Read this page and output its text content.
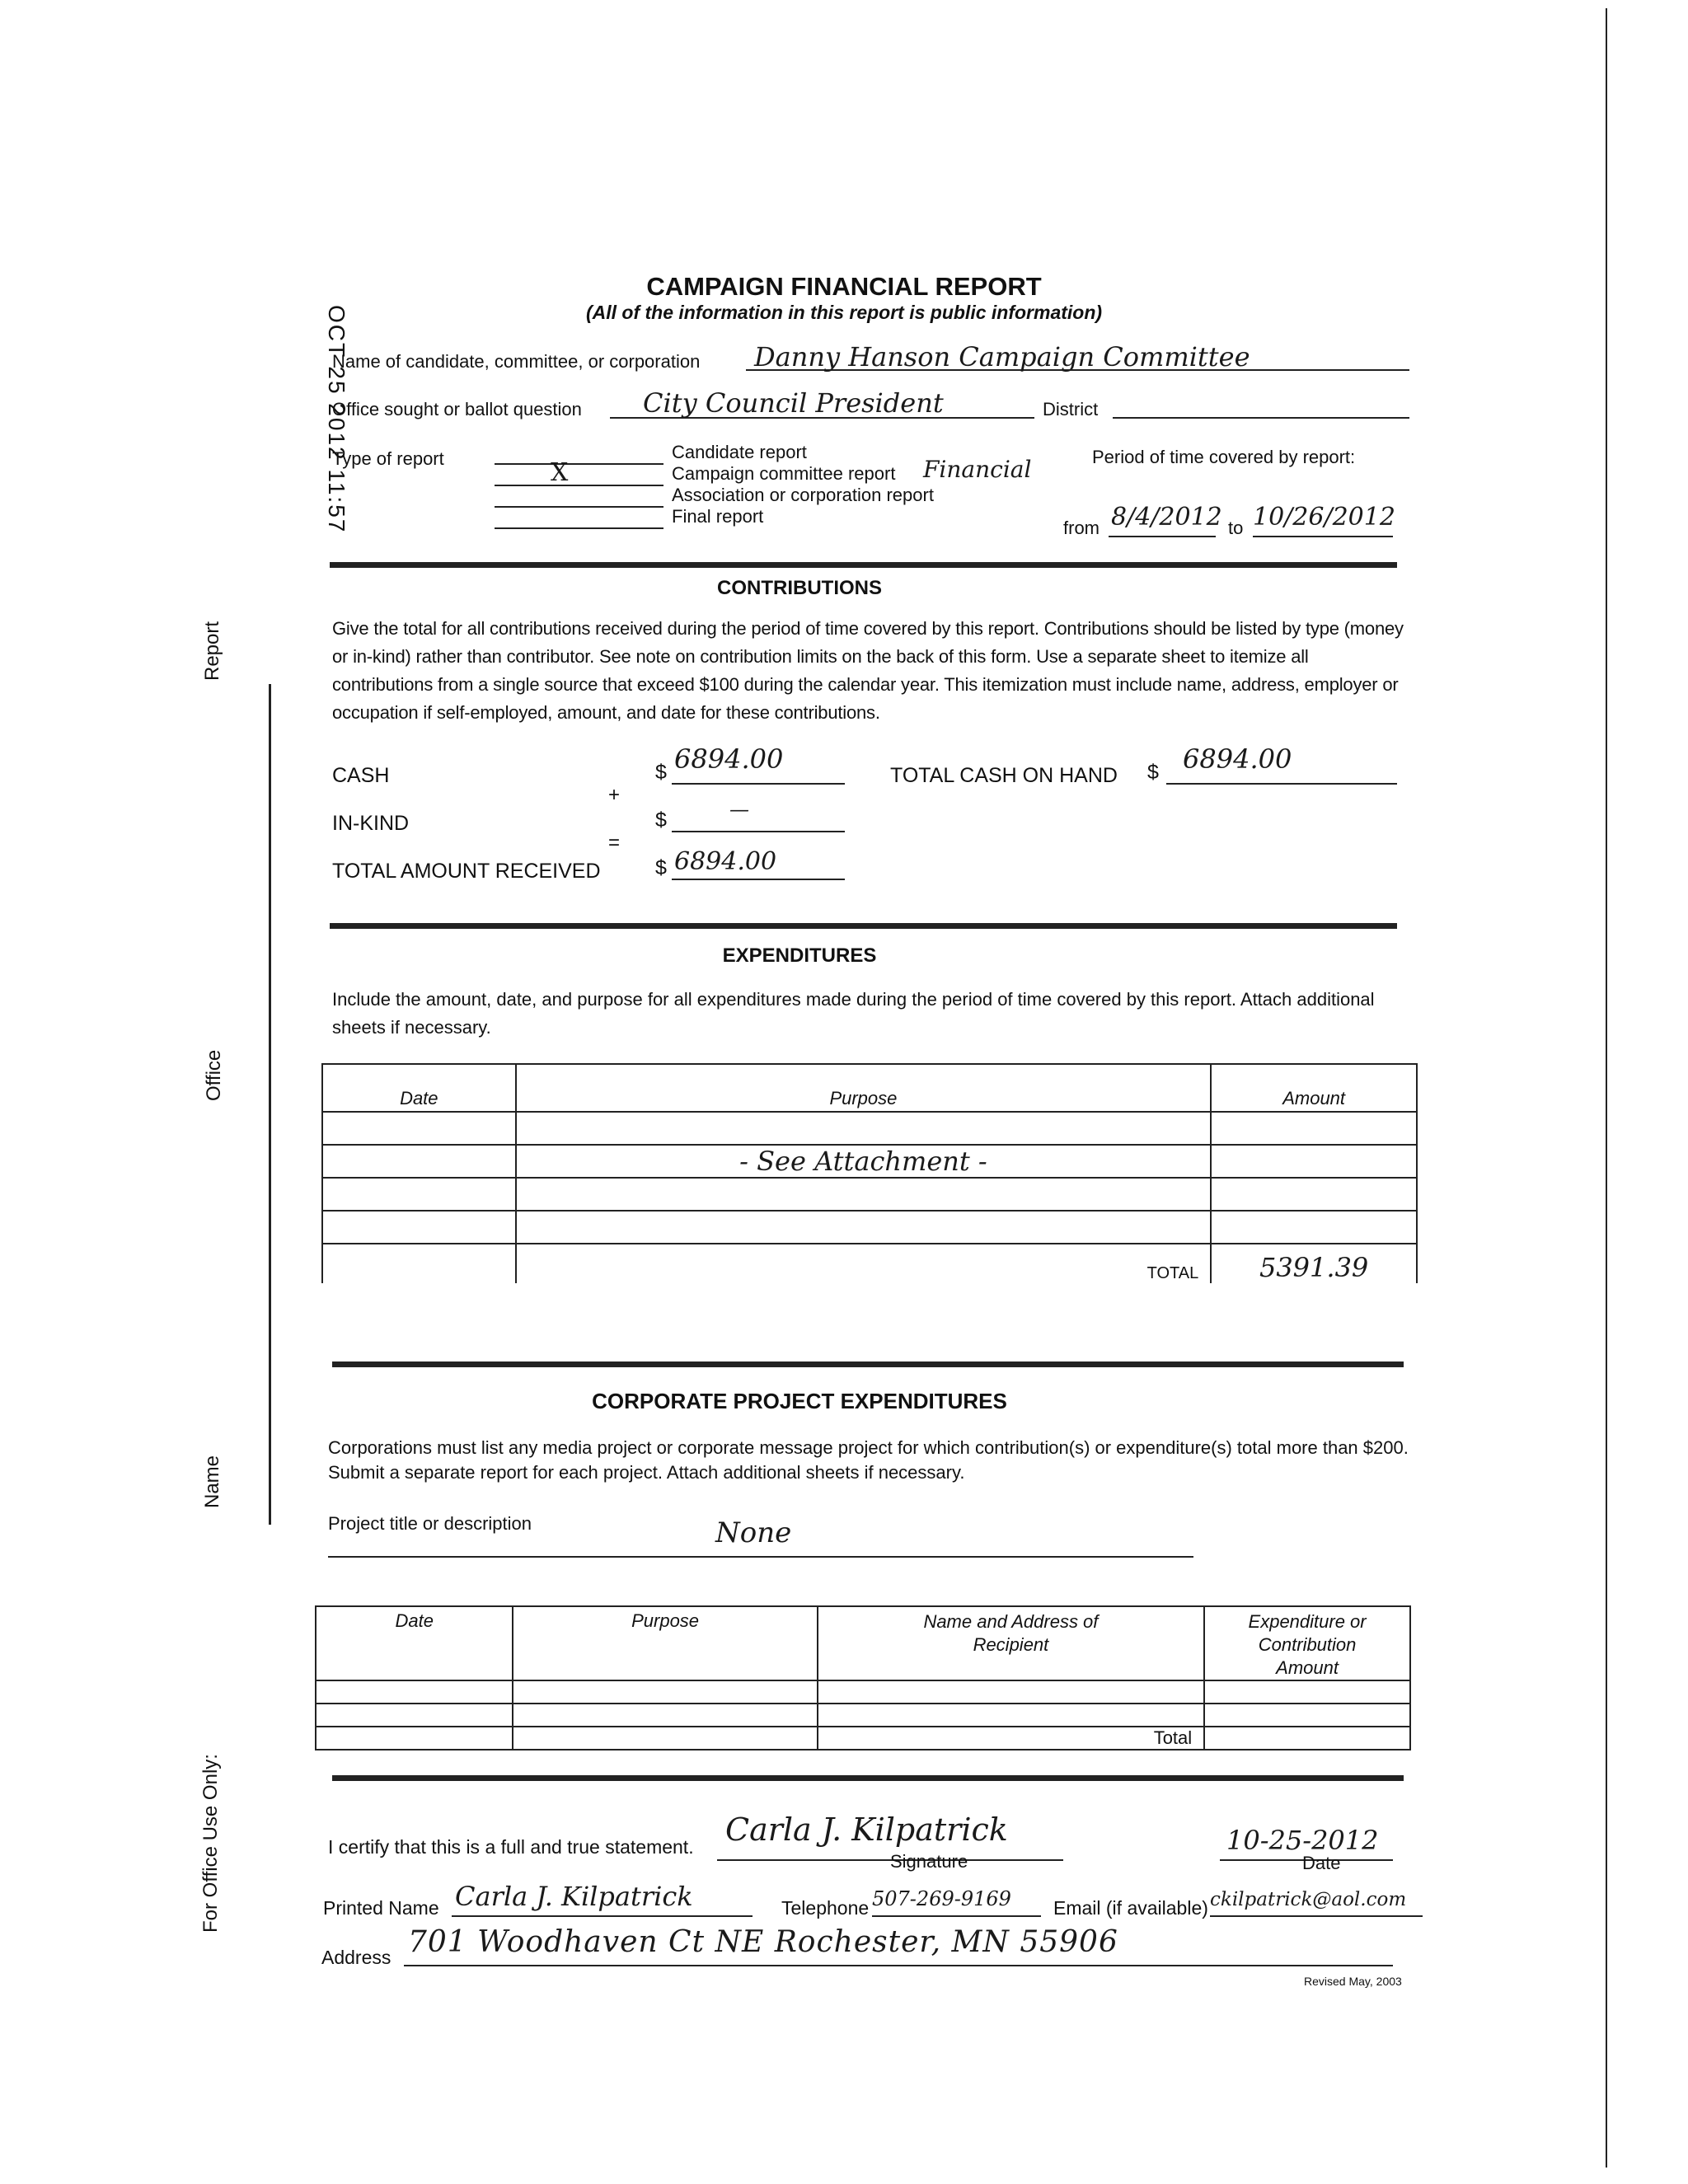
Report
Office
Name
For Office Use Only:
OCT 25 2012 11:57
CAMPAIGN FINANCIAL REPORT
(All of the information in this report is public information)
Name of candidate, committee, or corporation Danny Hanson Campaign Committee
Office sought or ballot question City Council President	District
Type of report	Candidate report
X	Campaign committee report Financial
Association or corporation report
Final report
Period of time covered by report:
from 8/4/2012 to 10/26/2012
CONTRIBUTIONS
Give the total for all contributions received during the period of time covered by this report. Contributions should be listed by type (money or in-kind) rather than contributor. See note on contribution limits on the back of this form. Use a separate sheet to itemize all contributions from a single source that exceed $100 during the calendar year. This itemization must include name, address, employer or occupation if self-employed, amount, and date for these contributions.
CASH	$ 6894.00
+
IN-KIND	$	—
=
TOTAL AMOUNT RECEIVED	$ 6894.00
TOTAL CASH ON HAND $ 6894.00
EXPENDITURES
Include the amount, date, and purpose for all expenditures made during the period of time covered by this report. Attach additional sheets if necessary.
Date	Purpose	Amount

	- See Attachment -	

	TOTAL	5391.39
CORPORATE PROJECT EXPENDITURES
Corporations must list any media project or corporate message project for which contribution(s) or expenditure(s) total more than $200. Submit a separate report for each project. Attach additional sheets if necessary.
Project title or description	None
Date	Purpose	Name and Address of Recipient	Expenditure or Contribution Amount

		Total	
I certify that this is a full and true statement. Carla J. Kilpatrick
Signature
10-25-2012
Date
Printed Name Carla J. Kilpatrick	Telephone 507-269-9169 Email (if available) ckilpatrick@aol.com
Address 701 Woodhaven Ct NE Rochester, MN 55906
Revised May, 2003
